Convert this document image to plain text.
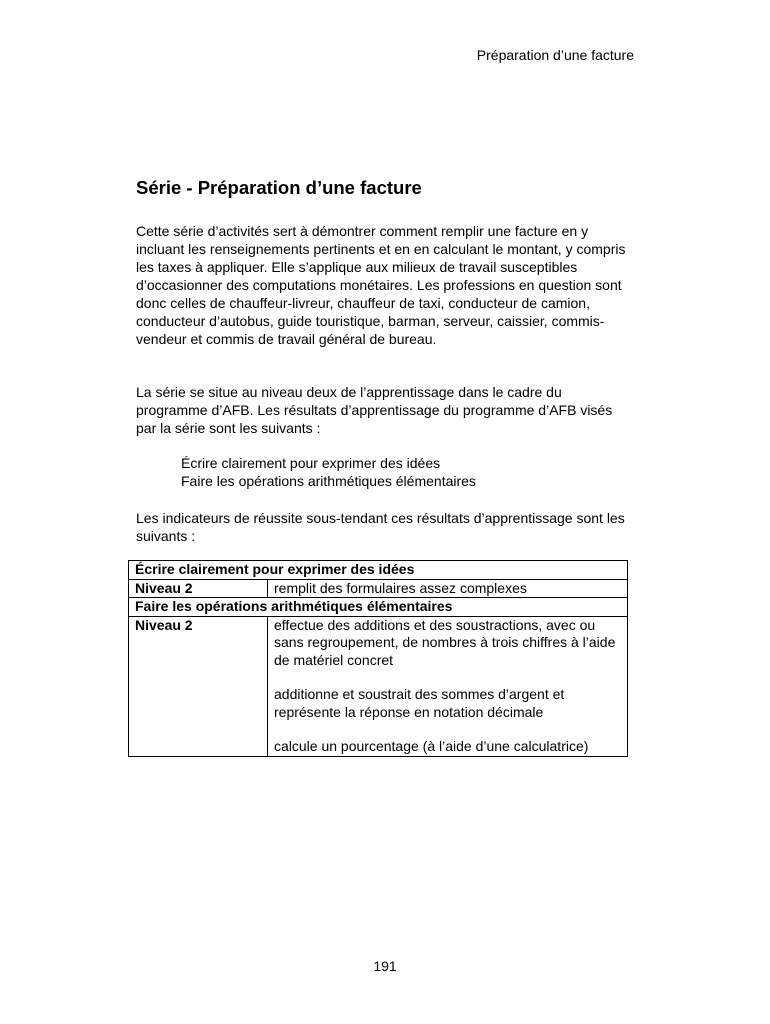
Préparation d’une facture
Série - Préparation d’une facture

Cette série d’activités sert à démontrer comment remplir une facture en y incluant les renseignements pertinents et en en calculant le montant, y compris les taxes à appliquer. Elle s’applique aux milieux de travail susceptibles d’occasionner des computations monétaires. Les professions en question sont donc celles de chauffeur-livreur, chauffeur de taxi, conducteur de camion, conducteur d’autobus, guide touristique, barman, serveur, caissier, commis-vendeur et commis de travail général de bureau.

La série se situe au niveau deux de l’apprentissage dans le cadre du programme d’AFB. Les résultats d’apprentissage du programme d’AFB visés par la série sont les suivants :

Écrire clairement pour exprimer des idées
Faire les opérations arithmétiques élémentaires

Les indicateurs de réussite sous-tendant ces résultats d’apprentissage sont les suivants :

Écrire clairement pour exprimer des idées	
Niveau 2	remplit des formulaires assez complexes

Faire les opérations arithmétiques élémentaires	
Niveau 2	effectue des additions et des soustractions, avec ou sans regroupement, de nombres à trois chiffres à l’aide de matériel concret
additionne et soustrait des sommes d’argent et représente la réponse en notation décimale
calcule un pourcentage (à l’aide d’une calculatrice)
191
